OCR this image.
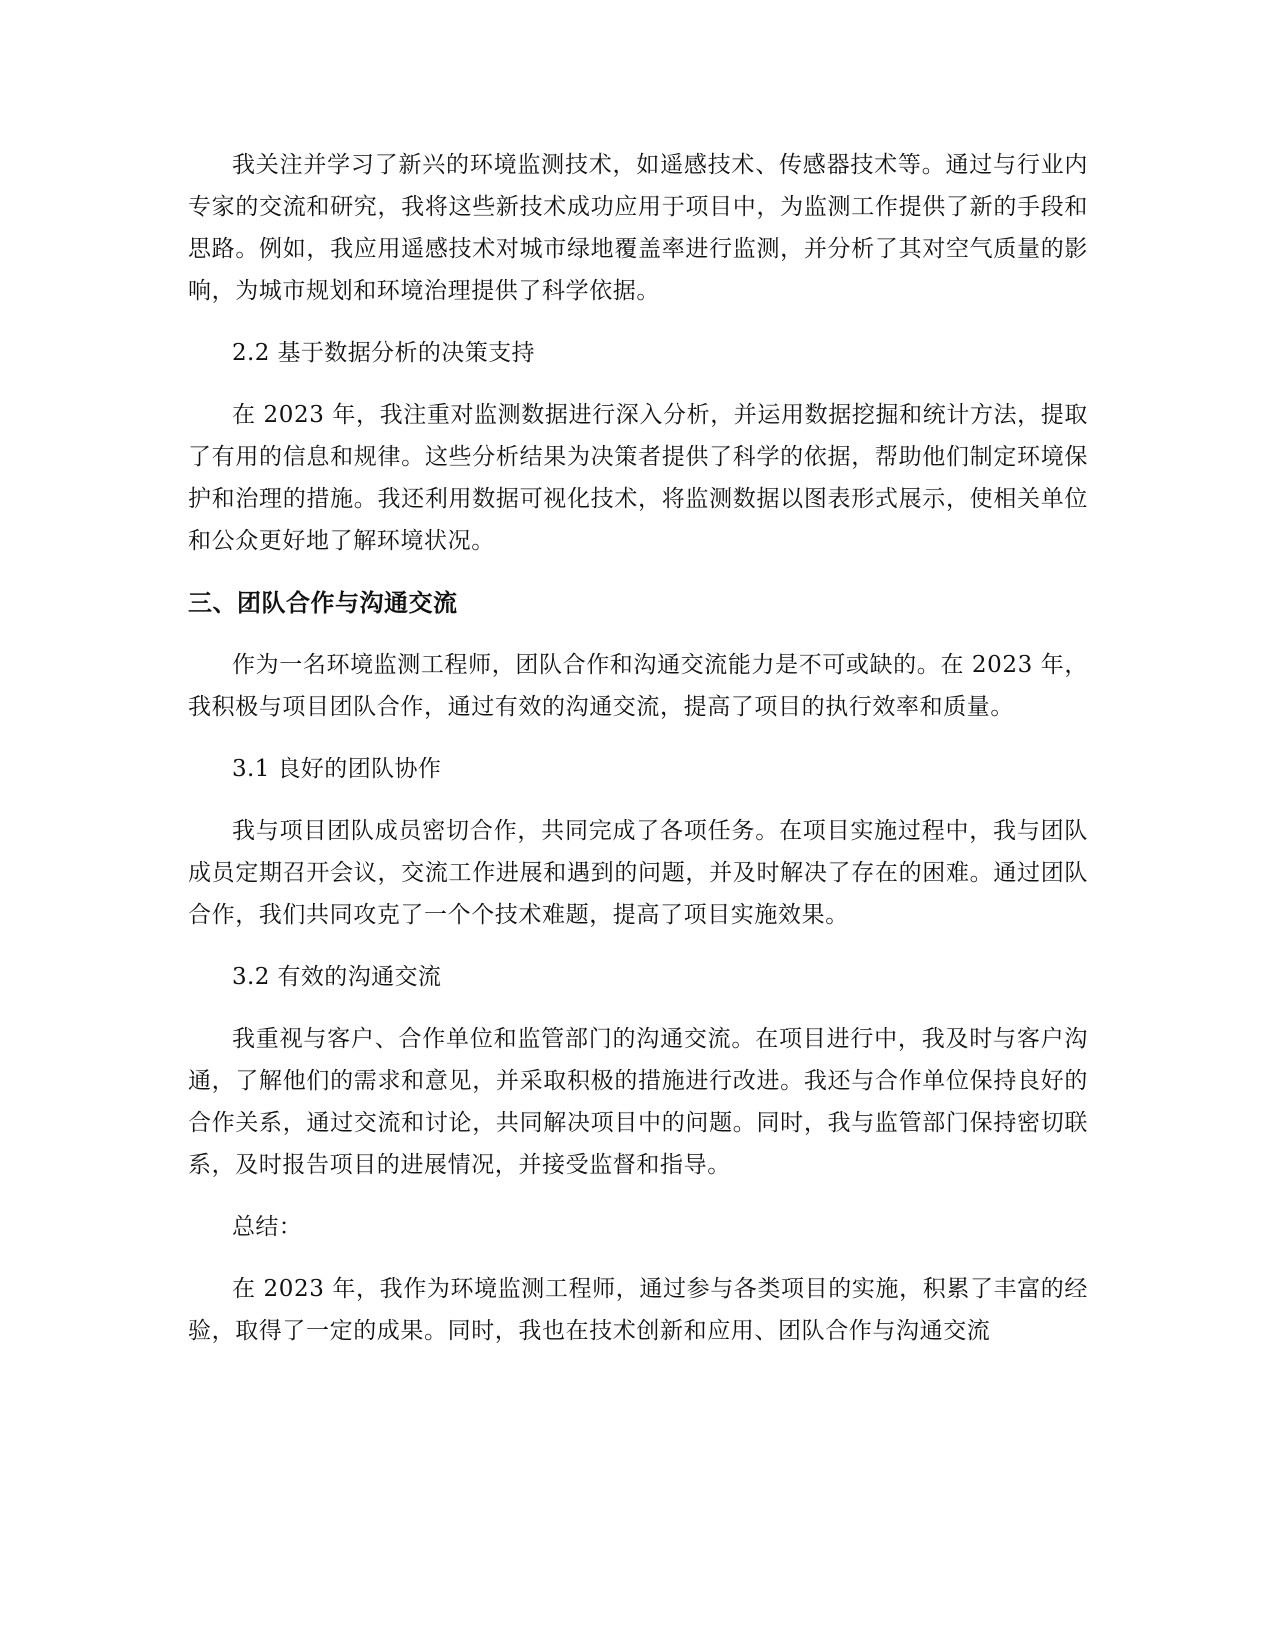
我关注并学习了新兴的环境监测技术，如遥感技术、传感器技术等。通过与行业内专家的交流和研究，我将这些新技术成功应用于项目中，为监测工作提供了新的手段和思路。例如，我应用遥感技术对城市绿地覆盖率进行监测，并分析了其对空气质量的影响，为城市规划和环境治理提供了科学依据。

2.2 基于数据分析的决策支持

在 2023 年，我注重对监测数据进行深入分析，并运用数据挖掘和统计方法，提取了有用的信息和规律。这些分析结果为决策者提供了科学的依据，帮助他们制定环境保护和治理的措施。我还利用数据可视化技术，将监测数据以图表形式展示，使相关单位和公众更好地了解环境状况。

三、团队合作与沟通交流

作为一名环境监测工程师，团队合作和沟通交流能力是不可或缺的。在 2023 年，我积极与项目团队合作，通过有效的沟通交流，提高了项目的执行效率和质量。

3.1 良好的团队协作

我与项目团队成员密切合作，共同完成了各项任务。在项目实施过程中，我与团队成员定期召开会议，交流工作进展和遇到的问题，并及时解决了存在的困难。通过团队合作，我们共同攻克了一个个技术难题，提高了项目实施效果。

3.2 有效的沟通交流

我重视与客户、合作单位和监管部门的沟通交流。在项目进行中，我及时与客户沟通，了解他们的需求和意见，并采取积极的措施进行改进。我还与合作单位保持良好的合作关系，通过交流和讨论，共同解决项目中的问题。同时，我与监管部门保持密切联系，及时报告项目的进展情况，并接受监督和指导。

总结：

在 2023 年，我作为环境监测工程师，通过参与各类项目的实施，积累了丰富的经验，取得了一定的成果。同时，我也在技术创新和应用、团队合作与沟通交流
